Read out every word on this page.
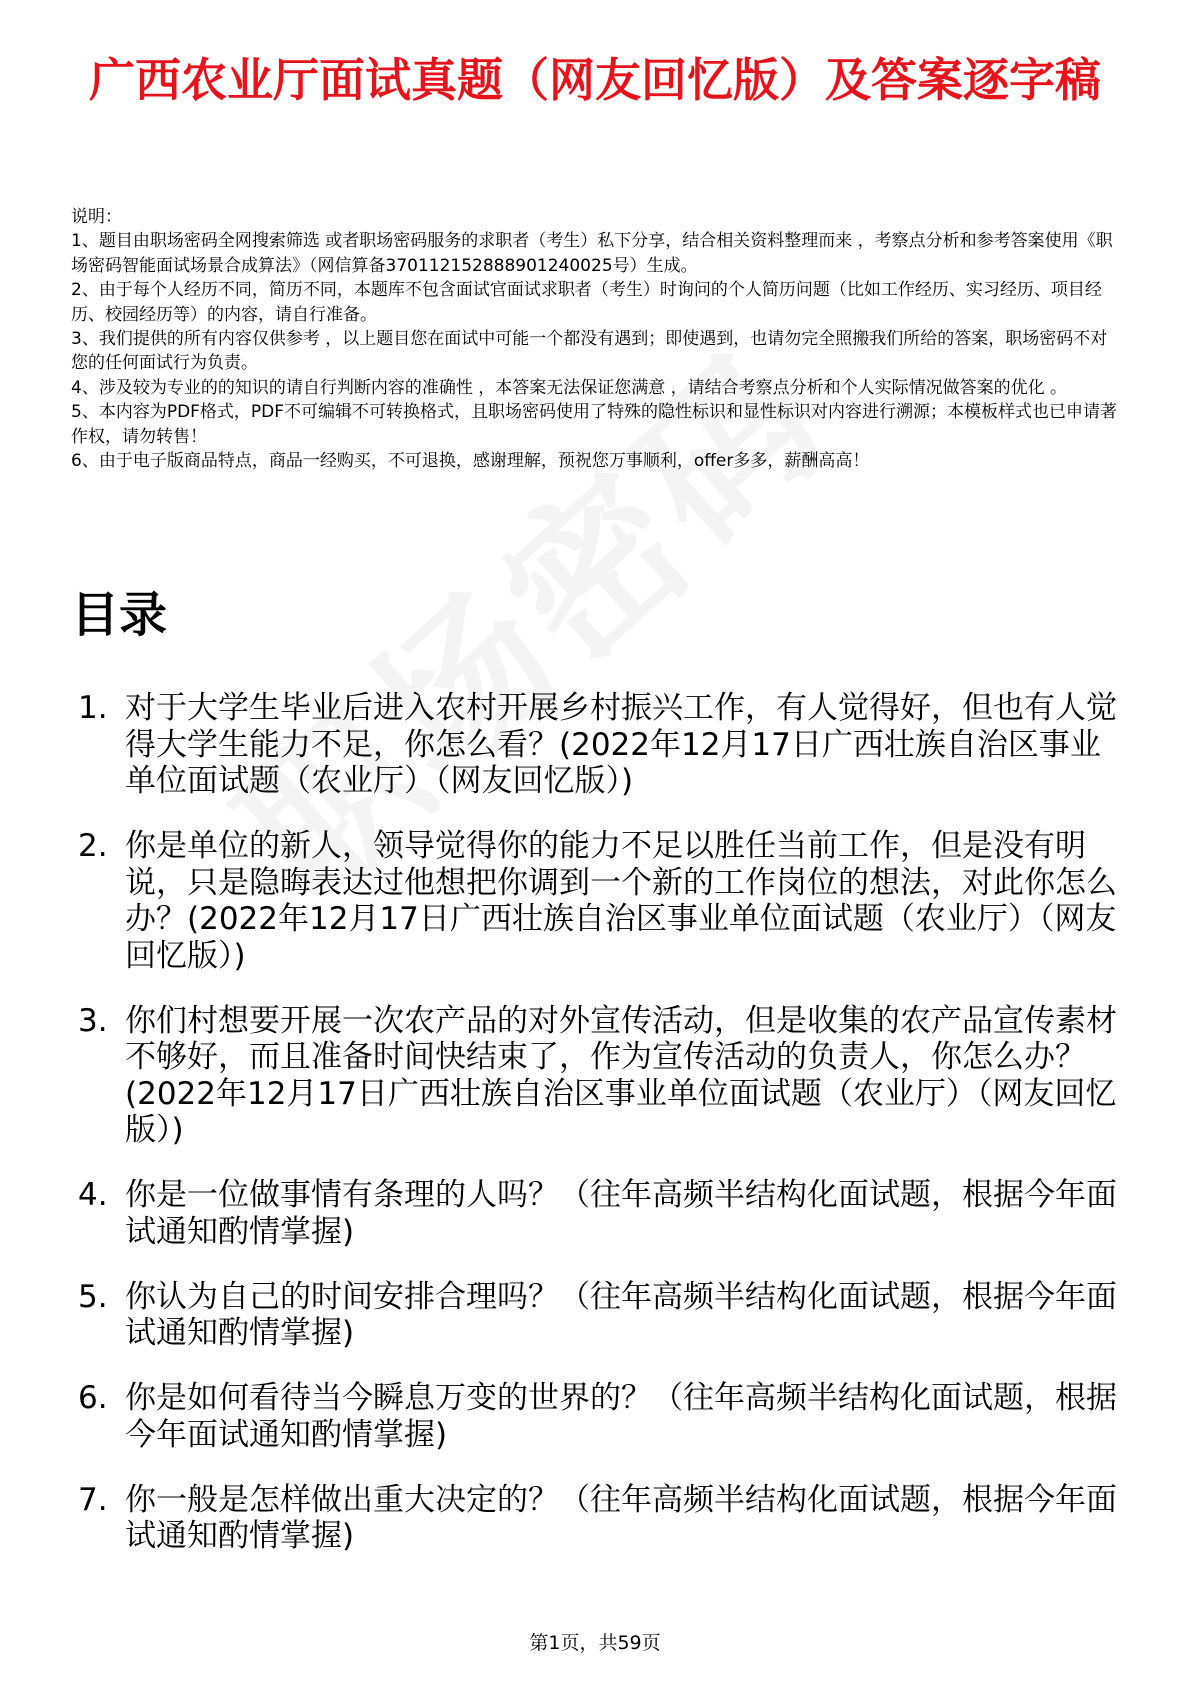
广西农业厅面试真题（网友回忆版）及答案逐字稿

说明：

1、题目由职场密码全网搜索筛选 或者职场密码服务的求职者（考生）私下分享，结合相关资料整理而来 ，考察点分析和参考答案使用《职场密码智能面试场景合成算法》（网信算备370112152888901240025号）生成。

2、由于每个人经历不同，简历不同，本题库不包含面试官面试求职者（考生）时询问的个人简历问题（比如工作经历、实习经历、项目经历、校园经历等）的内容，请自行准备。

3、我们提供的所有内容仅供参考 ，以上题目您在面试中可能一个都没有遇到；即使遇到，也请勿完全照搬我们所给的答案，职场密码不对您的任何面试行为负责。

4、涉及较为专业的的知识的请自行判断内容的准确性 ，本答案无法保证您满意 ，请结合考察点分析和个人实际情况做答案的优化 。

5、本内容为PDF格式，PDF不可编辑不可转换格式，且职场密码使用了特殊的隐性标识和显性标识对内容进行溯源；本模板样式也已申请著作权，请勿转售！

6、由于电子版商品特点，商品一经购买，不可退换，感谢理解，预祝您万事顺利，offer多多，薪酬高高！

目录
1. 对于大学生毕业后进入农村开展乡村振兴工作，有人觉得好，但也有人觉得大学生能力不足，你怎么看？(2022年12月17日广西壮族自治区事业单位面试题（农业厅）（网友回忆版）)
2. 你是单位的新人，领导觉得你的能力不足以胜任当前工作，但是没有明说，只是隐晦表达过他想把你调到一个新的工作岗位的想法，对此你怎么办？(2022年12月17日广西壮族自治区事业单位面试题（农业厅）（网友回忆版）)
3. 你们村想要开展一次农产品的对外宣传活动，但是收集的农产品宣传素材不够好，而且准备时间快结束了，作为宣传活动的负责人，你怎么办？(2022年12月17日广西壮族自治区事业单位面试题（农业厅）（网友回忆版）)
4. 你是一位做事情有条理的人吗？（往年高频半结构化面试题，根据今年面试通知酌情掌握)
5. 你认为自己的时间安排合理吗？（往年高频半结构化面试题，根据今年面试通知酌情掌握)
6. 你是如何看待当今瞬息万变的世界的？（往年高频半结构化面试题，根据今年面试通知酌情掌握)
7. 你一般是怎样做出重大决定的？（往年高频半结构化面试题，根据今年面试通知酌情掌握)
第1页，共59页
